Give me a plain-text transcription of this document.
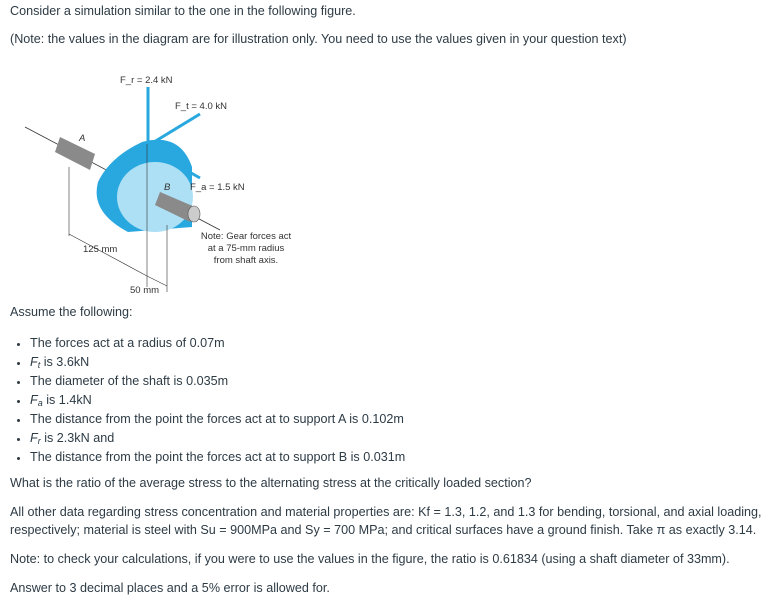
Consider a simulation similar to the one in the following figure.
(Note: the values in the diagram are for illustration only. You need to use the values given in your question text)
F_r = 2.4 kN
F_t = 4.0 kN
F_a = 1.5 kN
A
B
125 mm
50 mm
Note: Gear forces act
at a 75-mm radius
from shaft axis.
Assume the following:
The forces act at a radius of 0.07m
$F_t$ is 3.6kN
The diameter of the shaft is 0.035m
$F_a$ is 1.4kN
The distance from the point the forces act at to support A is 0.102m
$F_r$ is 2.3kN and
The distance from the point the forces act at to support B is 0.031m
What is the ratio of the average stress to the alternating stress at the critically loaded section?
All other data regarding stress concentration and material properties are: Kf = 1.3, 1.2, and 1.3 for bending, torsional, and axial loading, respectively; material is steel with Su = 900MPa and Sy = 700 MPa; and critical surfaces have a ground finish. Take π as exactly 3.14.
Note: to check your calculations, if you were to use the values in the figure, the ratio is 0.61834 (using a shaft diameter of 33mm).
Answer to 3 decimal places and a 5% error is allowed for.
